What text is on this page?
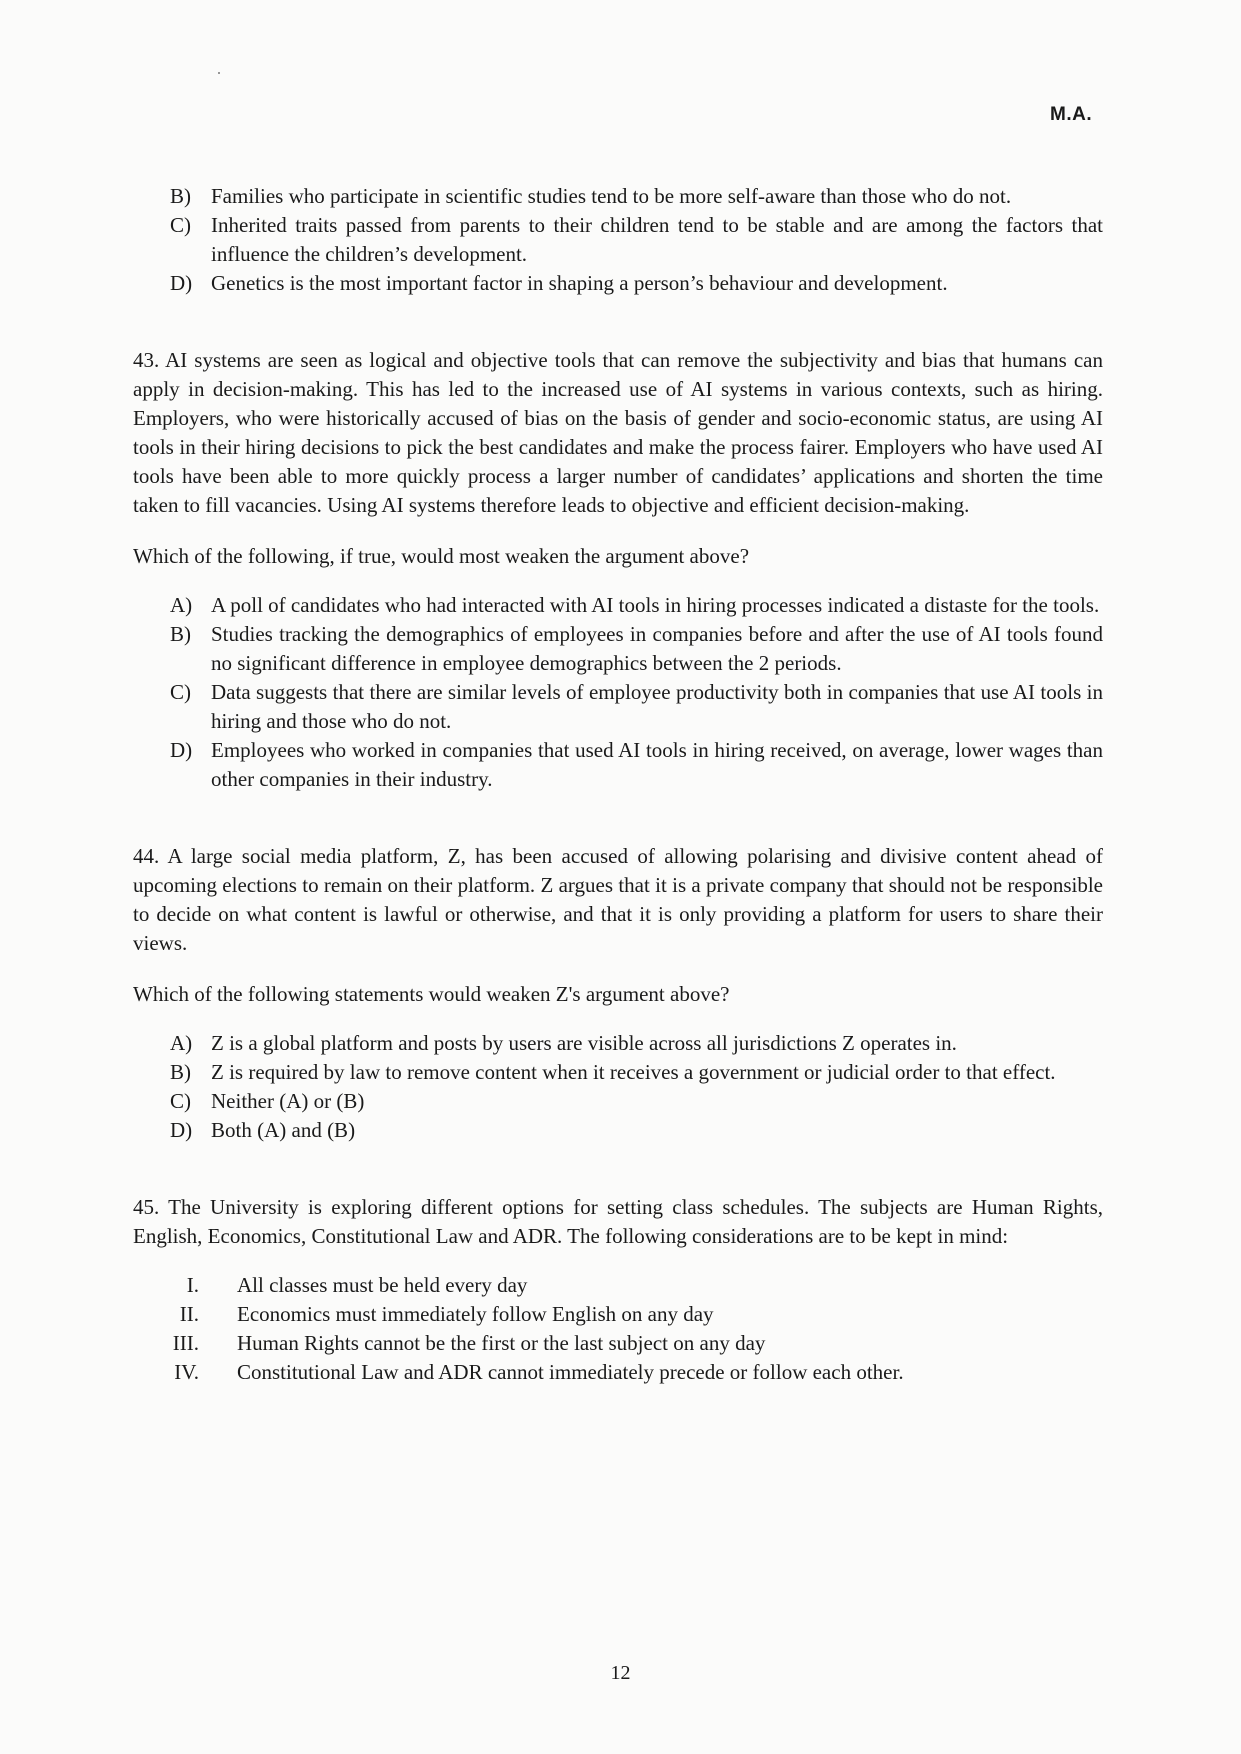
M.A.
B) Families who participate in scientific studies tend to be more self-aware than those who do not.
C) Inherited traits passed from parents to their children tend to be stable and are among the factors that influence the children’s development.
D) Genetics is the most important factor in shaping a person’s behaviour and development.

43. AI systems are seen as logical and objective tools that can remove the subjectivity and bias that humans can apply in decision-making. This has led to the increased use of AI systems in various contexts, such as hiring. Employers, who were historically accused of bias on the basis of gender and socio-economic status, are using AI tools in their hiring decisions to pick the best candidates and make the process fairer. Employers who have used AI tools have been able to more quickly process a larger number of candidates’ applications and shorten the time taken to fill vacancies. Using AI systems therefore leads to objective and efficient decision-making.

Which of the following, if true, would most weaken the argument above?

A) A poll of candidates who had interacted with AI tools in hiring processes indicated a distaste for the tools.
B) Studies tracking the demographics of employees in companies before and after the use of AI tools found no significant difference in employee demographics between the 2 periods.
C) Data suggests that there are similar levels of employee productivity both in companies that use AI tools in hiring and those who do not.
D) Employees who worked in companies that used AI tools in hiring received, on average, lower wages than other companies in their industry.

44. A large social media platform, Z, has been accused of allowing polarising and divisive content ahead of upcoming elections to remain on their platform. Z argues that it is a private company that should not be responsible to decide on what content is lawful or otherwise, and that it is only providing a platform for users to share their views.

Which of the following statements would weaken Z's argument above?

A) Z is a global platform and posts by users are visible across all jurisdictions Z operates in.
B) Z is required by law to remove content when it receives a government or judicial order to that effect.
C) Neither (A) or (B)
D) Both (A) and (B)

45. The University is exploring different options for setting class schedules. The subjects are Human Rights, English, Economics, Constitutional Law and ADR. The following considerations are to be kept in mind:

I.	All classes must be held every day
II.	Economics must immediately follow English on any day
III.	Human Rights cannot be the first or the last subject on any day
IV.	Constitutional Law and ADR cannot immediately precede or follow each other.
12
